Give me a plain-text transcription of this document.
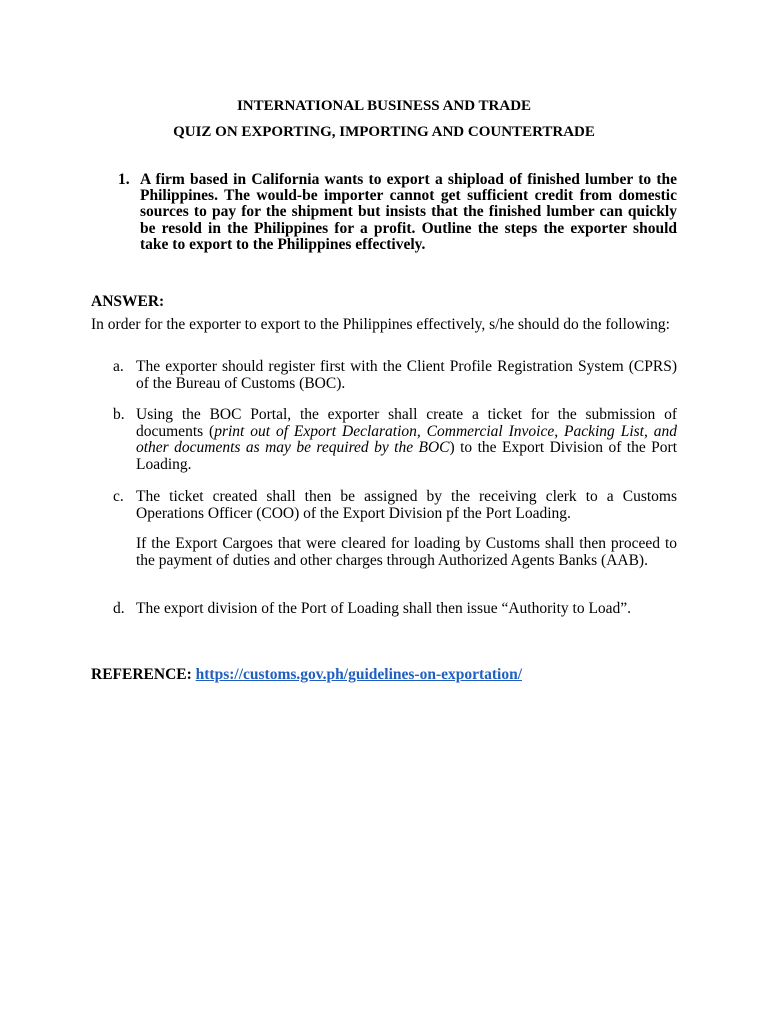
INTERNATIONAL BUSINESS AND TRADE
QUIZ ON EXPORTING, IMPORTING AND COUNTERTRADE
1. A firm based in California wants to export a shipload of finished lumber to the Philippines. The would-be importer cannot get sufficient credit from domestic sources to pay for the shipment but insists that the finished lumber can quickly be resold in the Philippines for a profit. Outline the steps the exporter should take to export to the Philippines effectively.
ANSWER:
In order for the exporter to export to the Philippines effectively, s/he should do the following:
a. The exporter should register first with the Client Profile Registration System (CPRS) of the Bureau of Customs (BOC).
b. Using the BOC Portal, the exporter shall create a ticket for the submission of documents (print out of Export Declaration, Commercial Invoice, Packing List, and other documents as may be required by the BOC) to the Export Division of the Port Loading.
c. The ticket created shall then be assigned by the receiving clerk to a Customs Operations Officer (COO) of the Export Division pf the Port Loading.
If the Export Cargoes that were cleared for loading by Customs shall then proceed to the payment of duties and other charges through Authorized Agents Banks (AAB).
d. The export division of the Port of Loading shall then issue “Authority to Load”.
REFERENCE: https://customs.gov.ph/guidelines-on-exportation/
